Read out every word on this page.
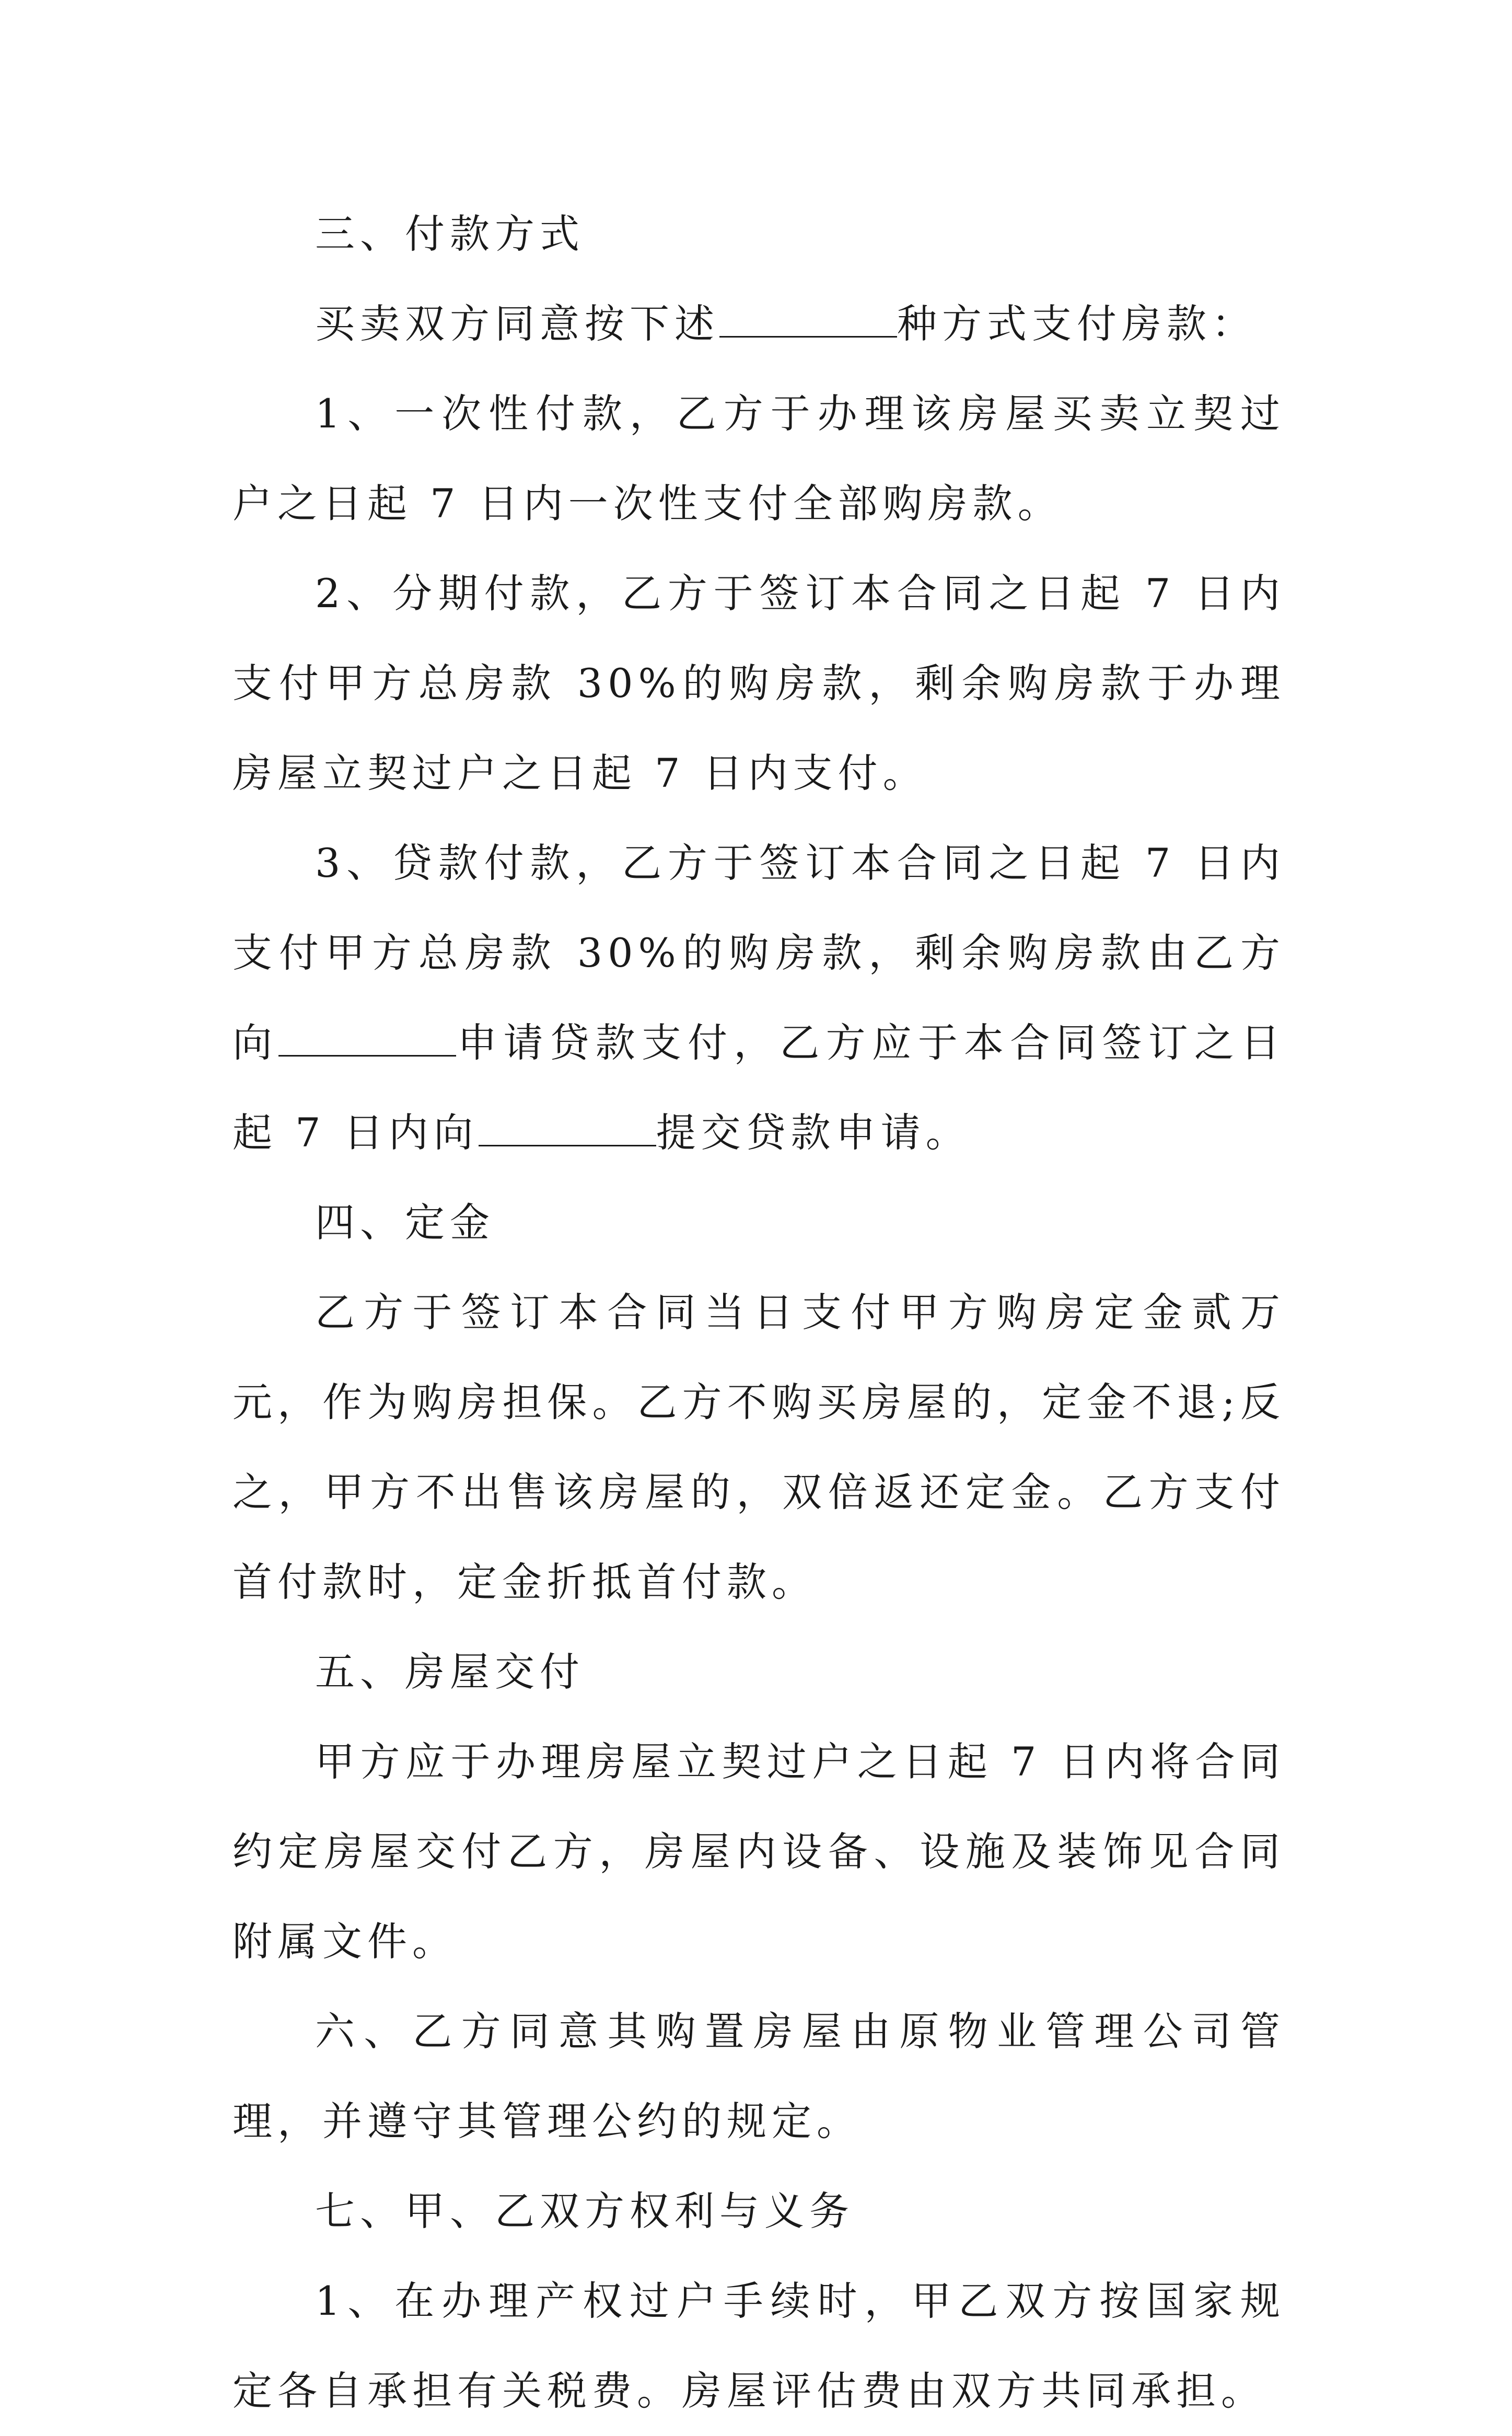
三、付款方式

买卖双方同意按下述	种方式支付房款：

1、一次性付款，乙方于办理该房屋买卖立契过户之日起 7 日内一次性支付全部购房款。

2、分期付款，乙方于签订本合同之日起 7 日内支付甲方总房款 30%的购房款，剩余购房款于办理房屋立契过户之日起 7 日内支付。

3、贷款付款，乙方于签订本合同之日起 7 日内支付甲方总房款 30%的购房款，剩余购房款由乙方向	申请贷款支付，乙方应于本合同签订之日起 7 日内向	提交贷款申请。

四、定金

乙方于签订本合同当日支付甲方购房定金贰万元，作为购房担保。乙方不购买房屋的，定金不退;反之，甲方不出售该房屋的，双倍返还定金。乙方支付首付款时，定金折抵首付款。

五、房屋交付

甲方应于办理房屋立契过户之日起 7 日内将合同约定房屋交付乙方，房屋内设备、设施及装饰见合同附属文件。

六、乙方同意其购置房屋由原物业管理公司管理，并遵守其管理公约的规定。

七、甲、乙双方权利与义务

1、在办理产权过户手续时，甲乙双方按国家规定各自承担有关税费。房屋评估费由双方共同承担。
